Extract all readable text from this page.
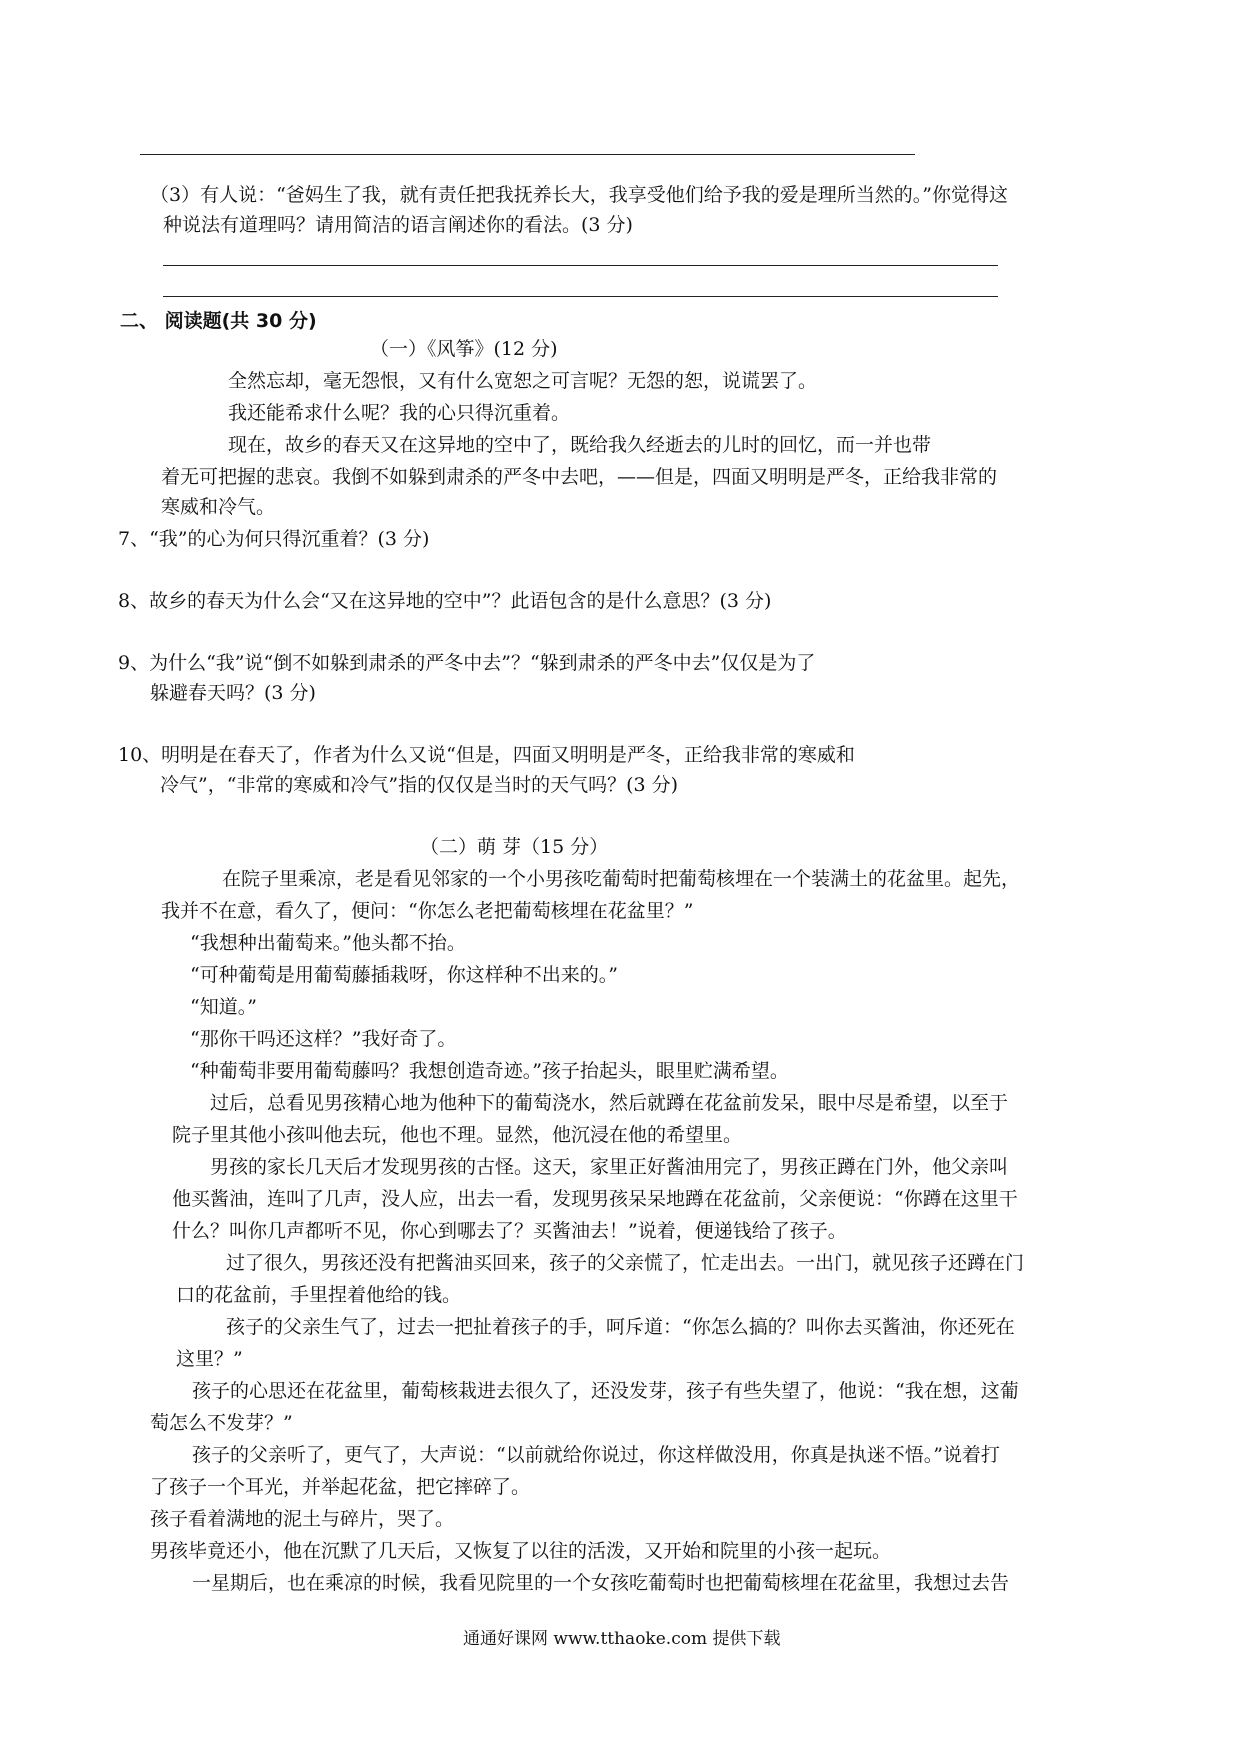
（3）有人说：“爸妈生了我，就有责任把我抚养长大，我享受他们给予我的爱是理所当然的。”你觉得这
种说法有道理吗？请用简洁的语言阐述你的看法。(3 分)
二、 阅读题(共 30 分)
（一）《风筝》(12 分)
全然忘却，毫无怨恨，又有什么宽恕之可言呢？无怨的恕，说谎罢了。
我还能希求什么呢？我的心只得沉重着。
现在，故乡的春天又在这异地的空中了，既给我久经逝去的儿时的回忆，而一并也带
着无可把握的悲哀。我倒不如躲到肃杀的严冬中去吧，——但是，四面又明明是严冬，正给我非常的
寒威和冷气。
7、“我”的心为何只得沉重着？(3 分)
8、故乡的春天为什么会“又在这异地的空中”？此语包含的是什么意思？(3 分)
9、为什么“我”说“倒不如躲到肃杀的严冬中去”？“躲到肃杀的严冬中去”仅仅是为了
躲避春天吗？(3 分)
10、明明是在春天了，作者为什么又说“但是，四面又明明是严冬，正给我非常的寒威和
冷气”，“非常的寒威和冷气”指的仅仅是当时的天气吗？(3 分)
（二）萌 芽（15 分）
在院子里乘凉，老是看见邻家的一个小男孩吃葡萄时把葡萄核埋在一个装满土的花盆里。起先，
我并不在意，看久了，便问：“你怎么老把葡萄核埋在花盆里？”
“我想种出葡萄来。”他头都不抬。
“可种葡萄是用葡萄藤插栽呀，你这样种不出来的。”
“知道。”
“那你干吗还这样？”我好奇了。
“种葡萄非要用葡萄藤吗？我想创造奇迹。”孩子抬起头，眼里贮满希望。
过后，总看见男孩精心地为他种下的葡萄浇水，然后就蹲在花盆前发呆，眼中尽是希望，以至于
院子里其他小孩叫他去玩，他也不理。显然，他沉浸在他的希望里。
男孩的家长几天后才发现男孩的古怪。这天，家里正好酱油用完了，男孩正蹲在门外，他父亲叫
他买酱油，连叫了几声，没人应，出去一看，发现男孩呆呆地蹲在花盆前，父亲便说：“你蹲在这里干
什么？叫你几声都听不见，你心到哪去了？买酱油去！”说着，便递钱给了孩子。
过了很久，男孩还没有把酱油买回来，孩子的父亲慌了，忙走出去。一出门，就见孩子还蹲在门
口的花盆前，手里捏着他给的钱。
孩子的父亲生气了，过去一把扯着孩子的手，呵斥道：“你怎么搞的？叫你去买酱油，你还死在
这里？”
孩子的心思还在花盆里，葡萄核栽进去很久了，还没发芽，孩子有些失望了，他说：“我在想，这葡
萄怎么不发芽？”
孩子的父亲听了，更气了，大声说：“以前就给你说过，你这样做没用，你真是执迷不悟。”说着打
了孩子一个耳光，并举起花盆，把它摔碎了。
孩子看着满地的泥土与碎片，哭了。
男孩毕竟还小，他在沉默了几天后，又恢复了以往的活泼，又开始和院里的小孩一起玩。
一星期后，也在乘凉的时候，我看见院里的一个女孩吃葡萄时也把葡萄核埋在花盆里，我想过去告
通通好课网 www.tthaoke.com 提供下载
